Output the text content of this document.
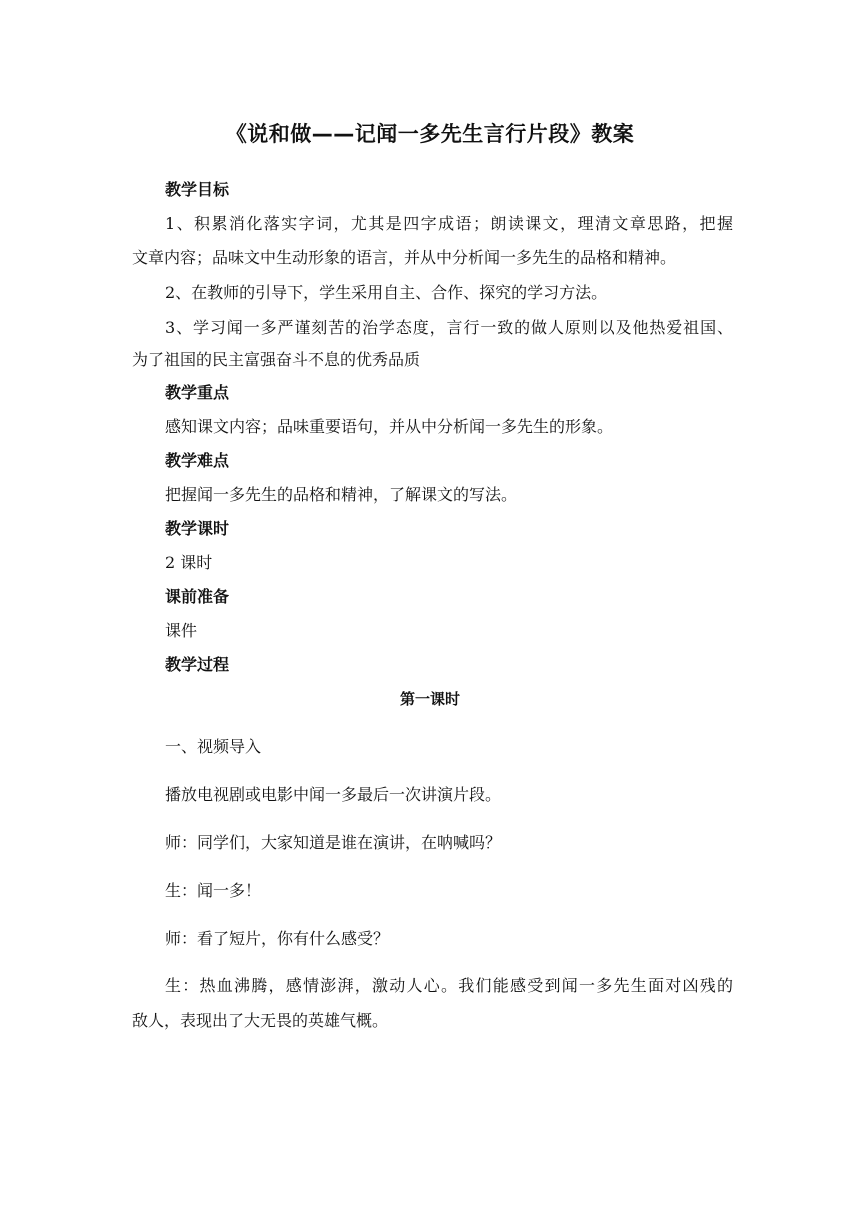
《说和做——记闻一多先生言行片段》教案
教学目标
1、积累消化落实字词，尤其是四字成语；朗读课文，理清文章思路，把握
文章内容；品味文中生动形象的语言，并从中分析闻一多先生的品格和精神。
2、在教师的引导下，学生采用自主、合作、探究的学习方法。
3、学习闻一多严谨刻苦的治学态度，言行一致的做人原则以及他热爱祖国、
为了祖国的民主富强奋斗不息的优秀品质
教学重点
感知课文内容；品味重要语句，并从中分析闻一多先生的形象。
教学难点
把握闻一多先生的品格和精神，了解课文的写法。
教学课时
2 课时
课前准备
课件
教学过程
第一课时
一、视频导入
播放电视剧或电影中闻一多最后一次讲演片段。
师：同学们，大家知道是谁在演讲，在呐喊吗？
生：闻一多！
师：看了短片，你有什么感受？
生：热血沸腾，感情澎湃，激动人心。我们能感受到闻一多先生面对凶残的
敌人，表现出了大无畏的英雄气概。
